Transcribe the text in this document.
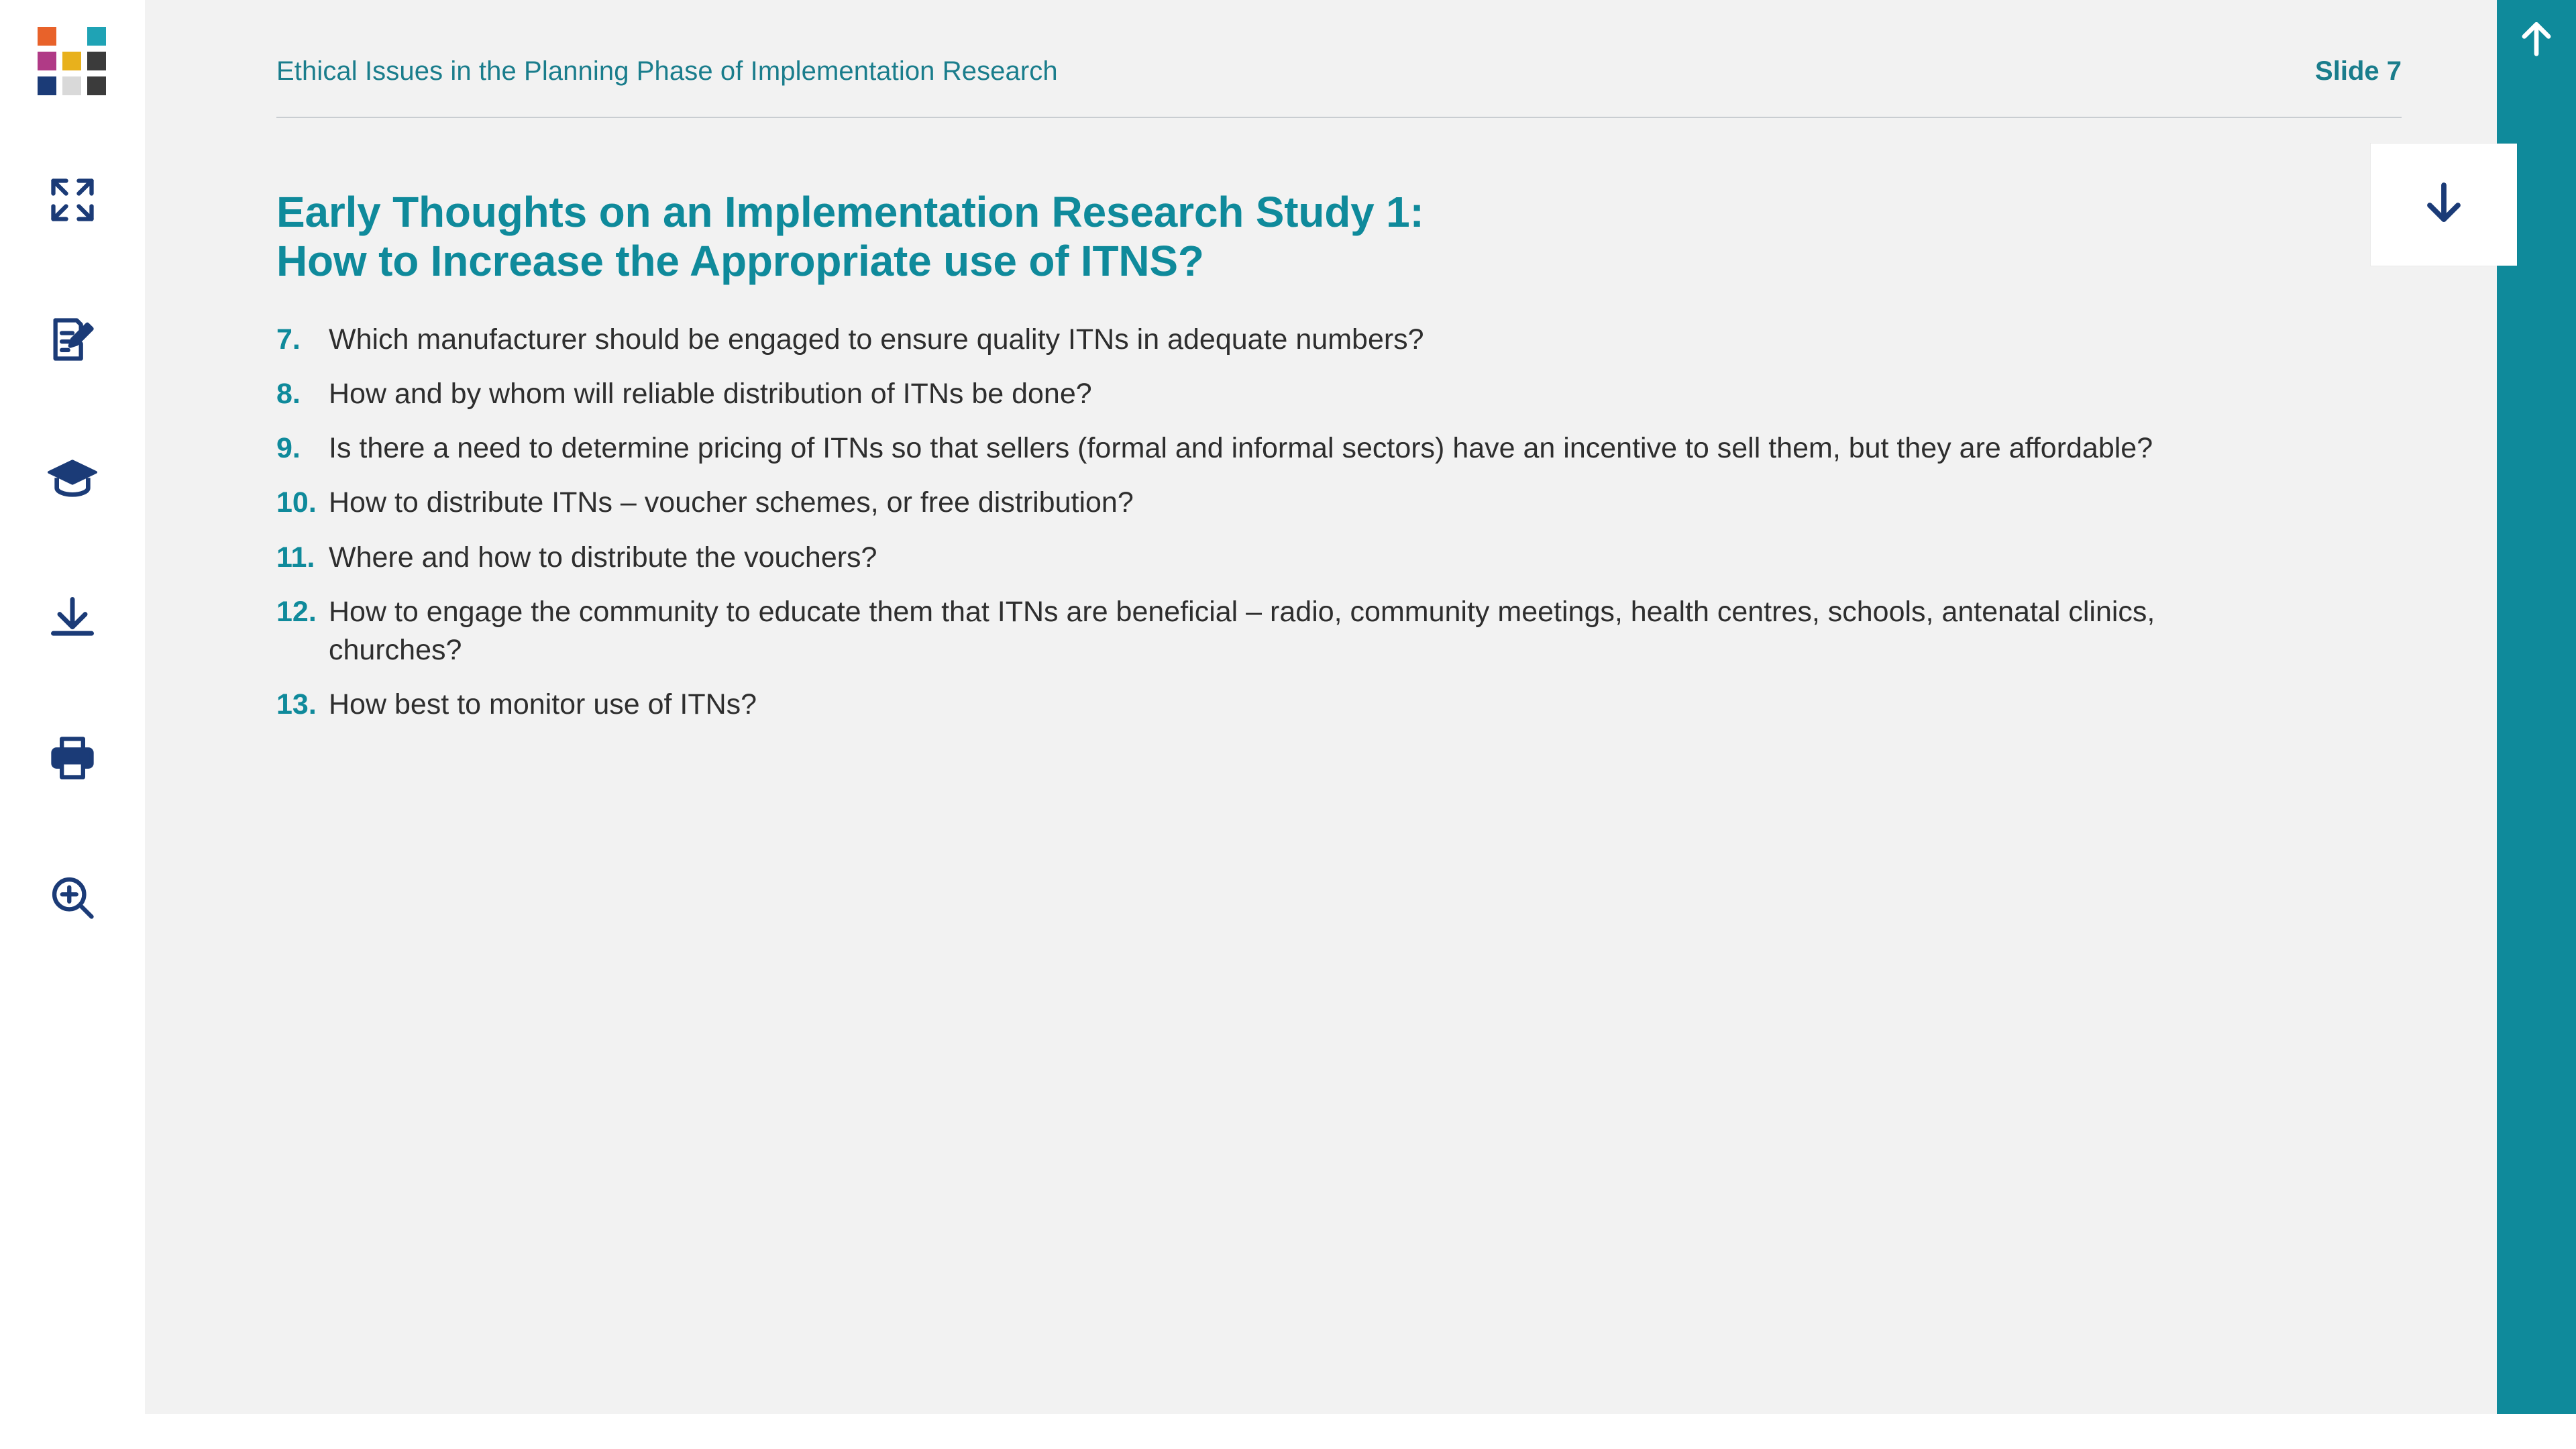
Ethical Issues in the Planning Phase of Implementation Research	Slide 7
Early Thoughts on an Implementation Research Study 1:
How to Increase the Appropriate use of ITNS?
7. Which manufacturer should be engaged to ensure quality ITNs in adequate numbers?
8. How and by whom will reliable distribution of ITNs be done?
9. Is there a need to determine pricing of ITNs so that sellers (formal and informal sectors) have an incentive to sell them, but they are affordable?
10. How to distribute ITNs – voucher schemes, or free distribution?
11. Where and how to distribute the vouchers?
12. How to engage the community to educate them that ITNs are beneficial – radio, community meetings, health centres, schools, antenatal clinics, churches?
13. How best to monitor use of ITNs?
